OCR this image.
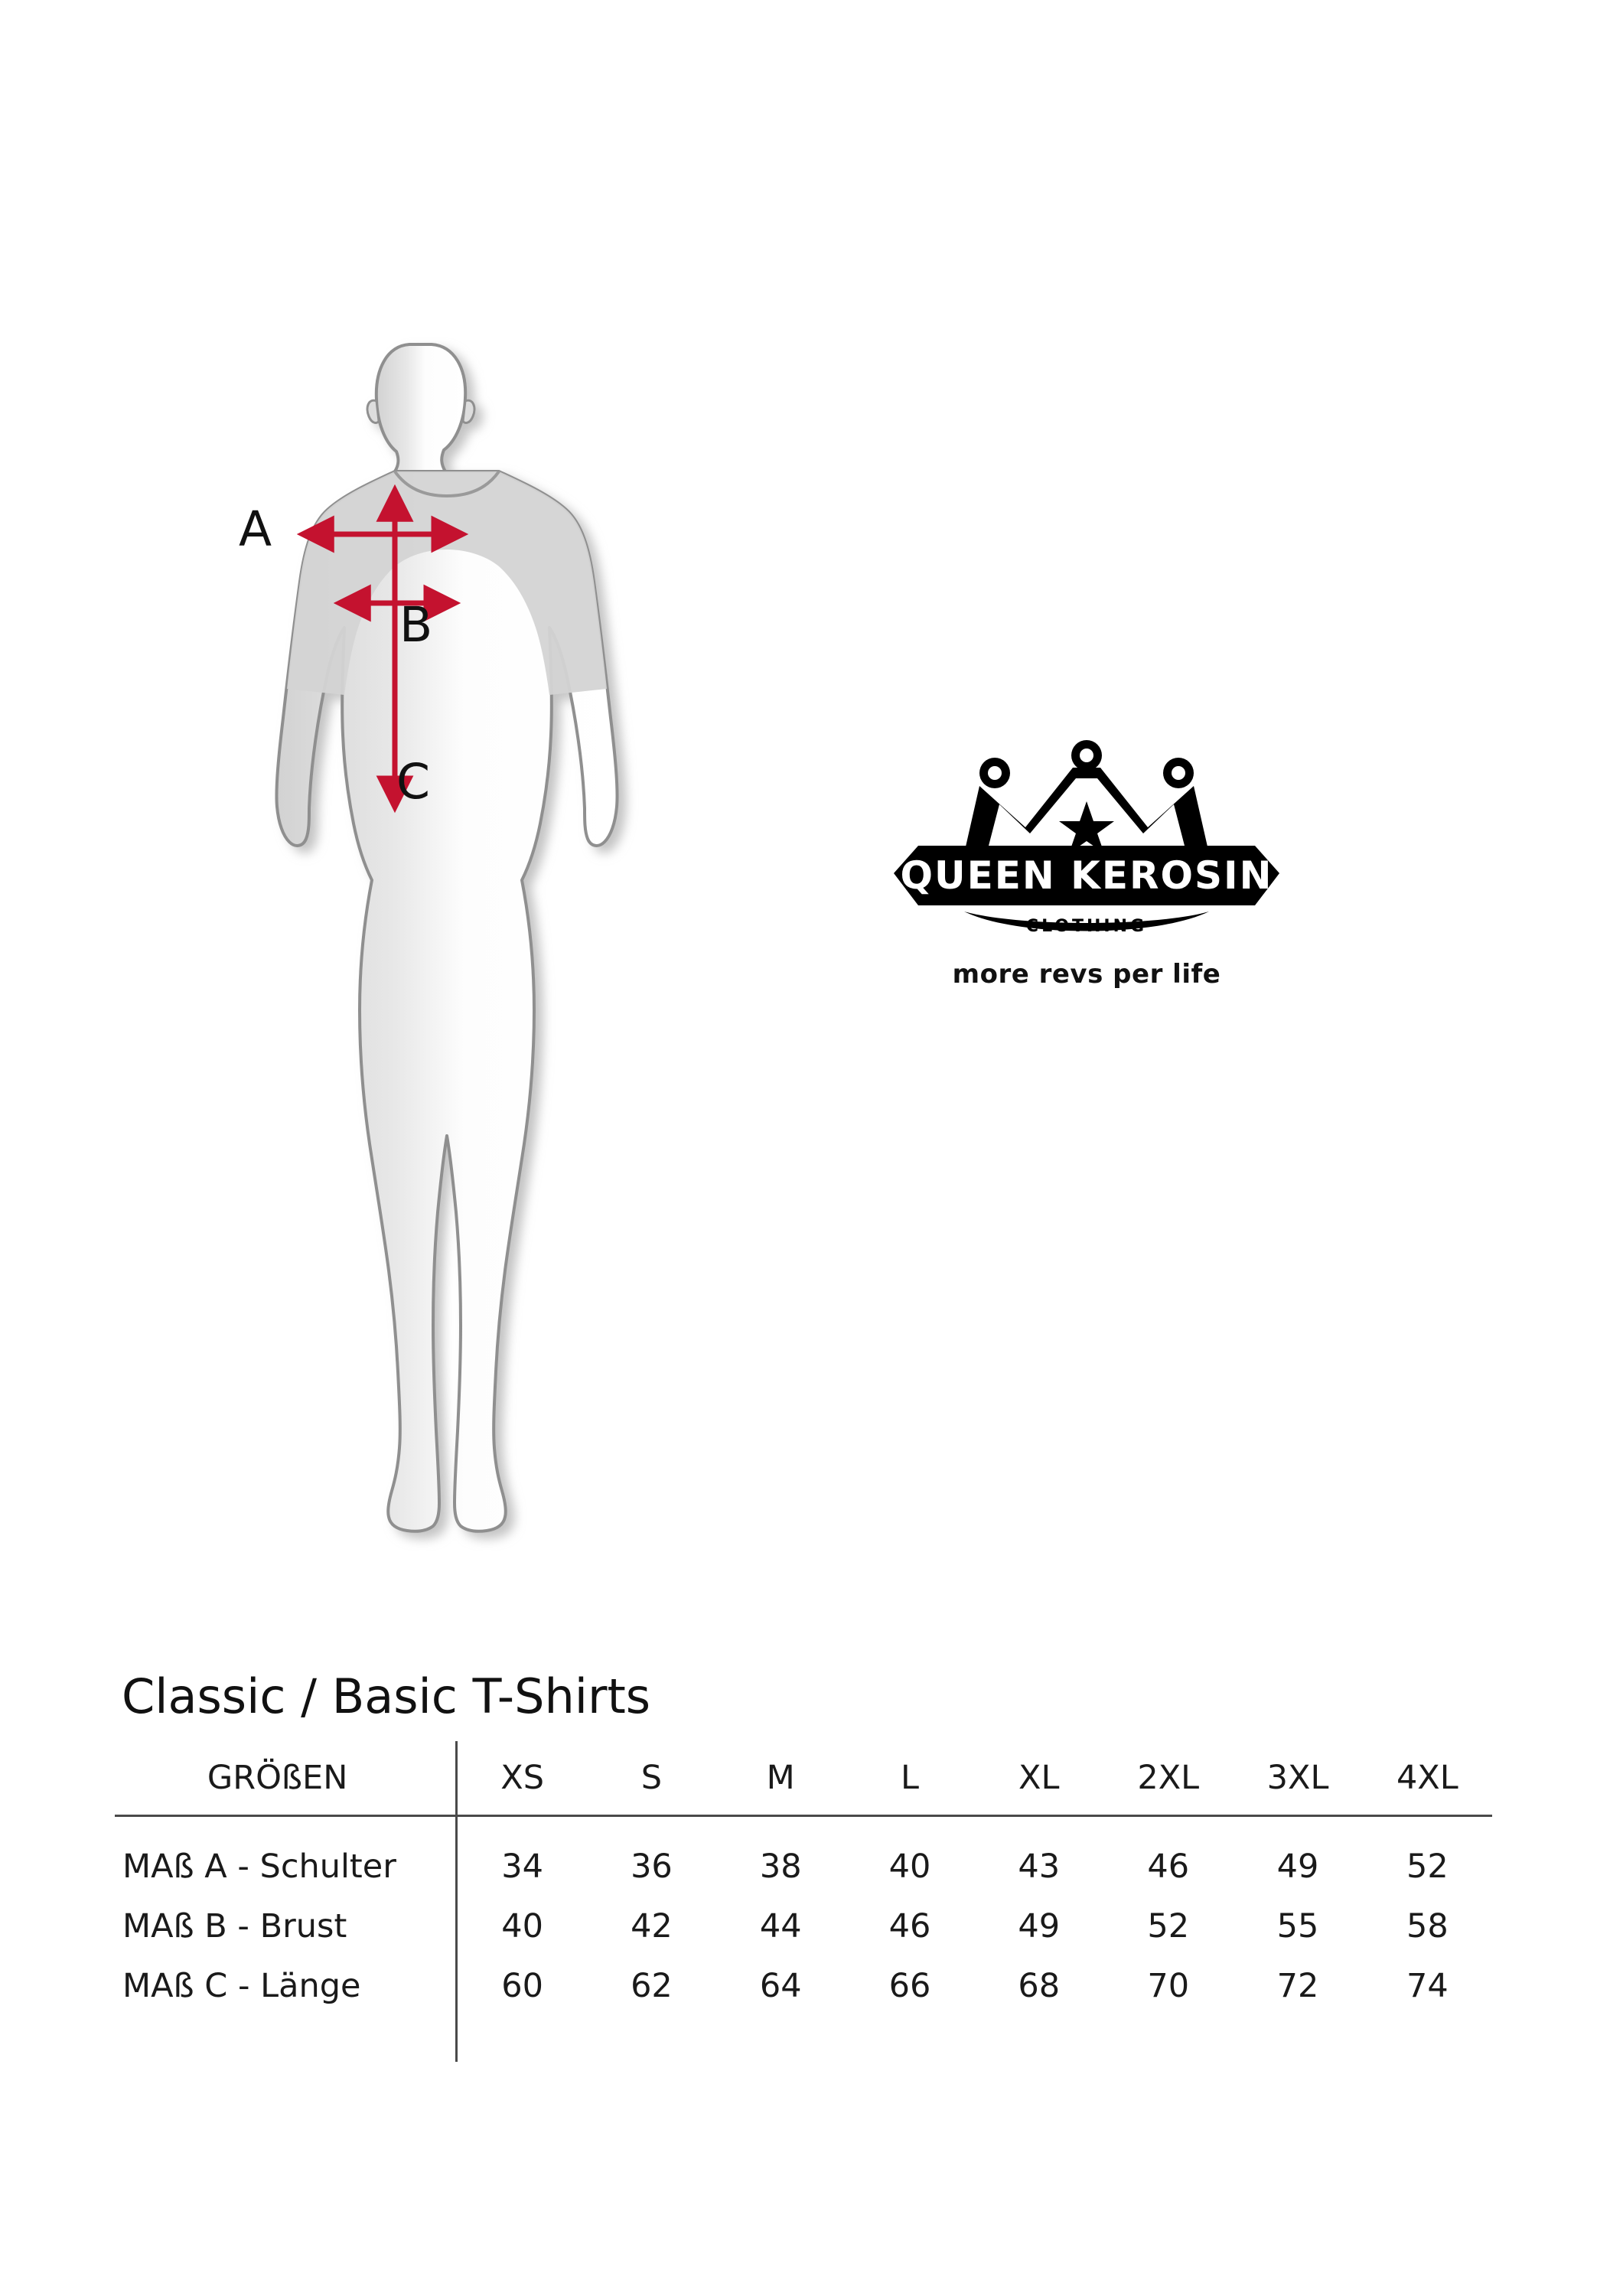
A
B
C
QUEEN KEROSIN
CLOTHING
more revs per life
Classic / Basic T-Shirts
GRÖßEN	XS	S	M	L	XL	2XL	3XL	4XL

MAß A - Schulter	34	36	38	40	43	46	49	52
MAß B - Brust	40	42	44	46	49	52	55	58
MAß C - Länge	60	62	64	66	68	70	72	74
